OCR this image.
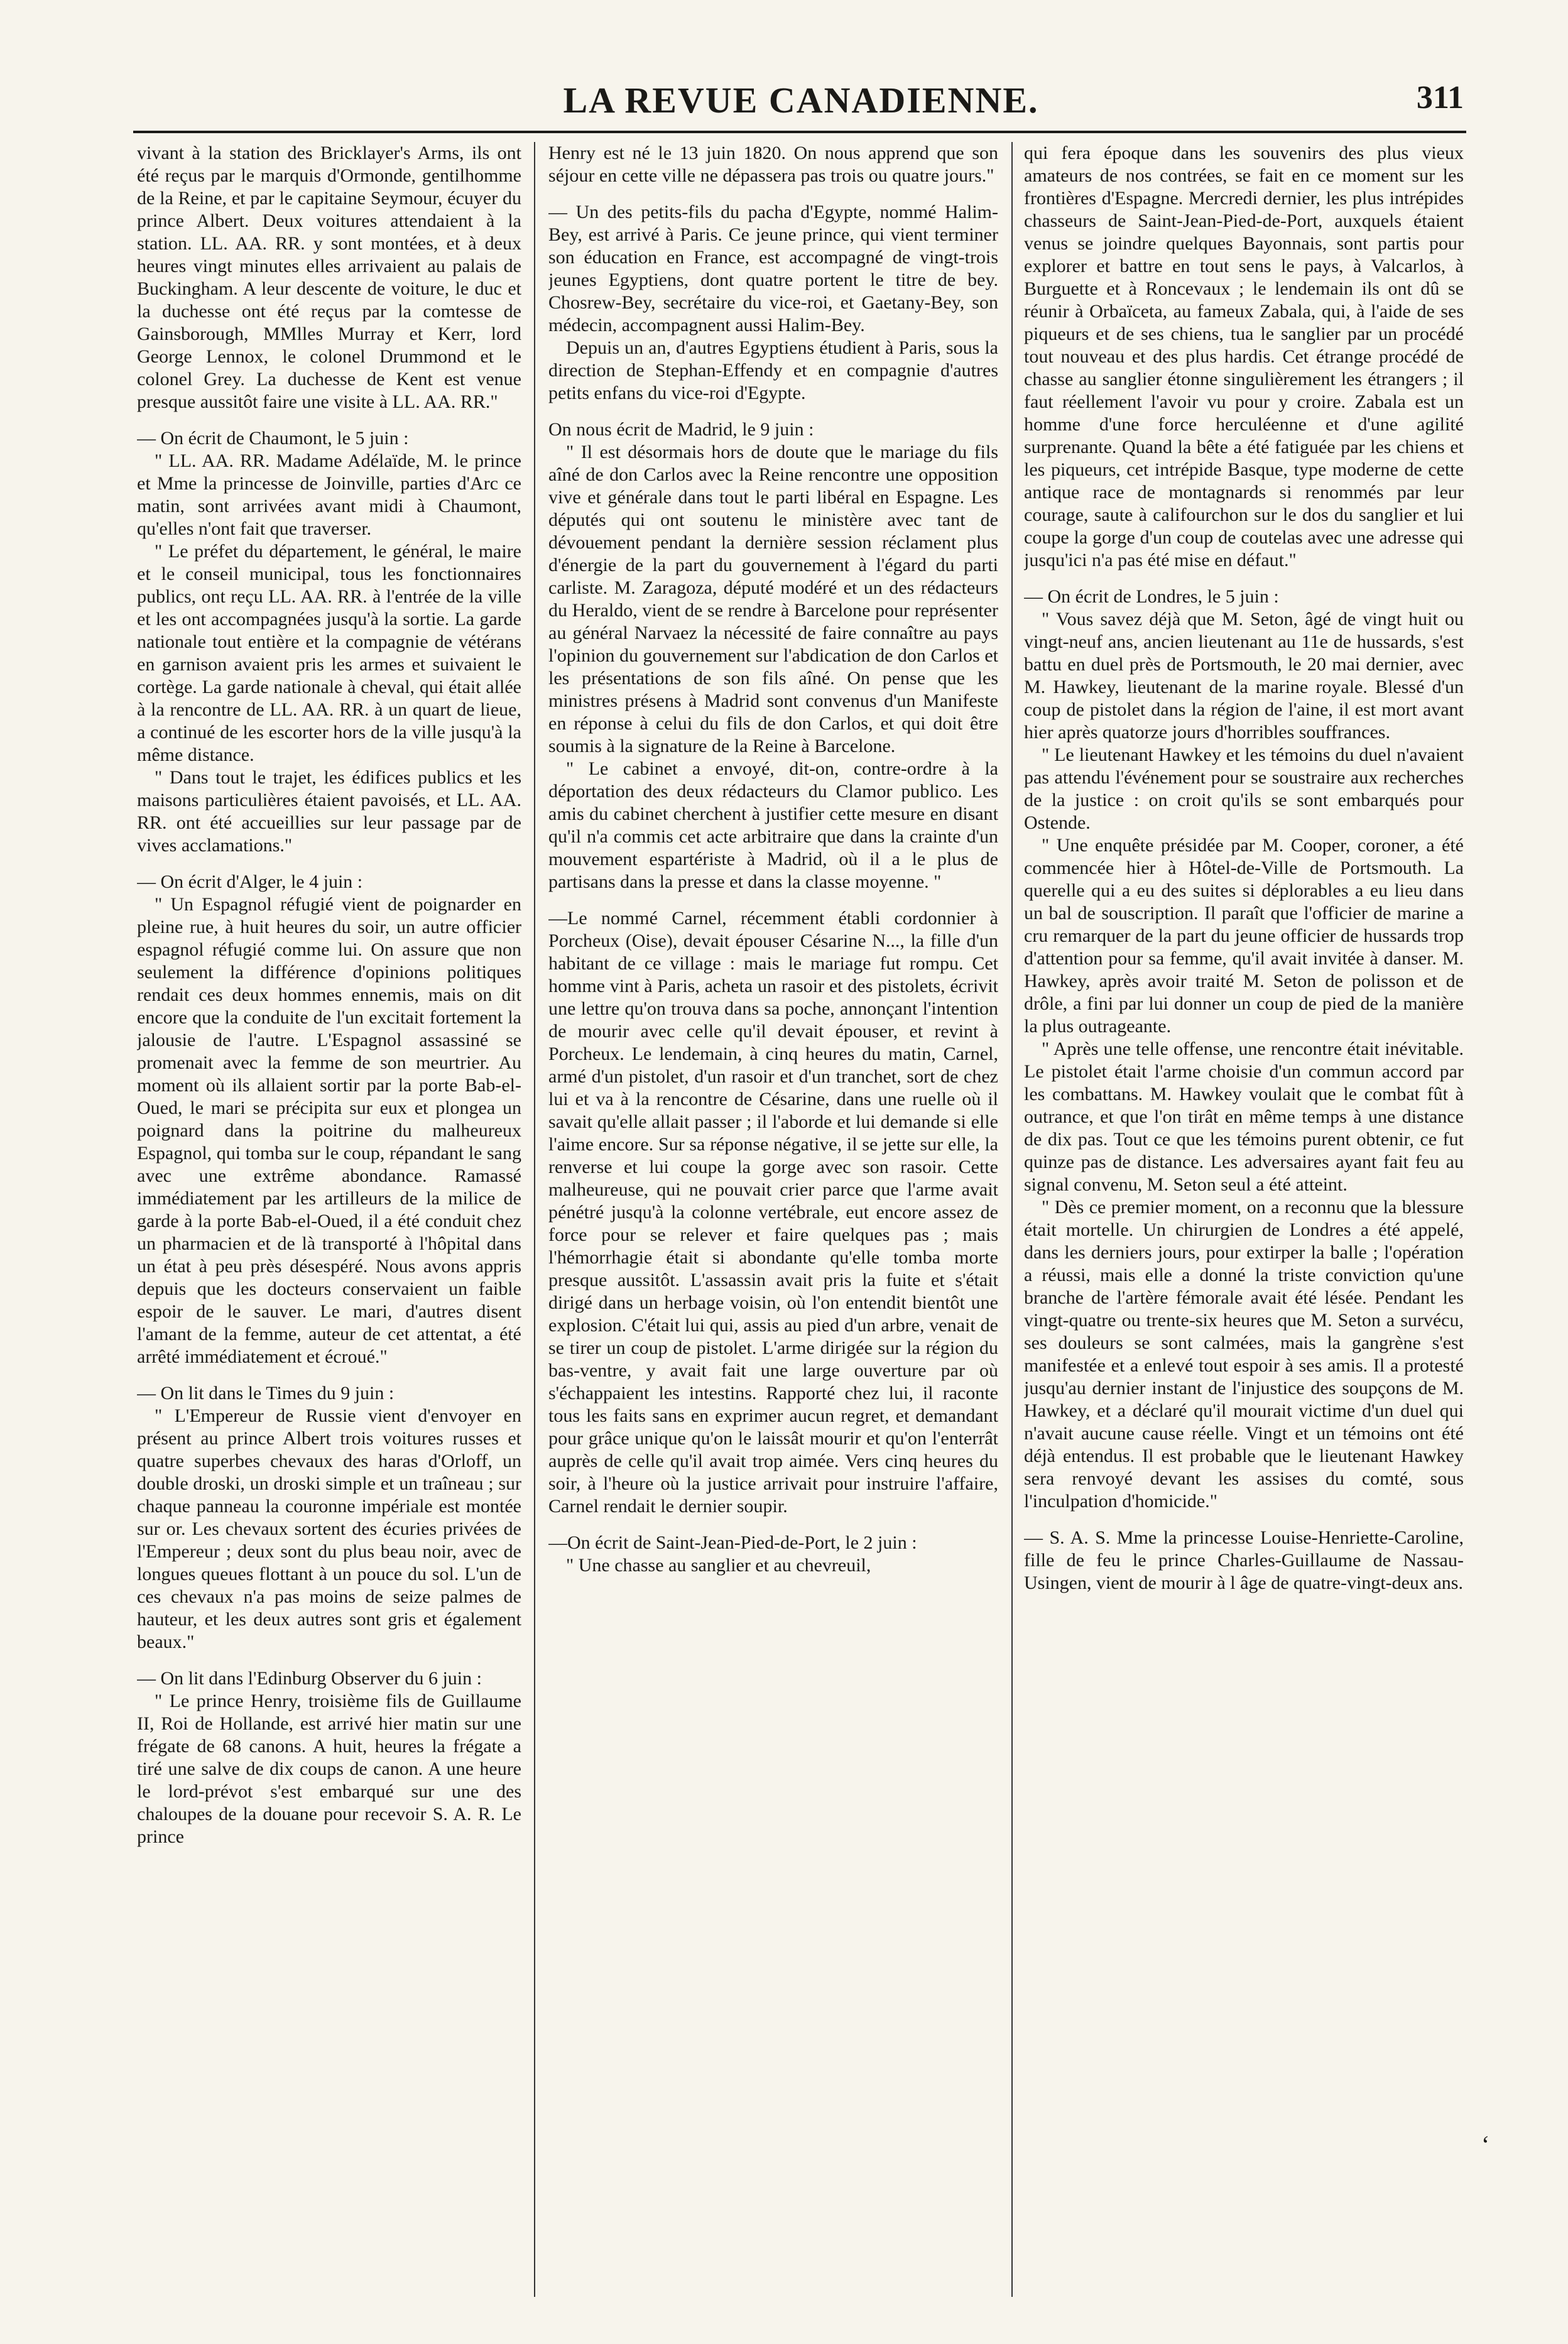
LA REVUE CANADIENNE.	311

vivant à la station des Bricklayer's Arms, ils ont été reçus par le marquis d'Ormonde, gentilhomme de la Reine, et par le capitaine Seymour, écuyer du prince Albert. Deux voitures attendaient à la station. LL. AA. RR. y sont montées, et à deux heures vingt minutes elles arrivaient au palais de Buckingham. A leur descente de voiture, le duc et la duchesse ont été reçus par la comtesse de Gainsborough, MMlles Murray et Kerr, lord George Lennox, le colonel Drummond et le colonel Grey. La duchesse de Kent est venue presque aussitôt faire une visite à LL. AA. RR."

— On écrit de Chaumont, le 5 juin :

" LL. AA. RR. Madame Adélaïde, M. le prince et Mme la princesse de Joinville, parties d'Arc ce matin, sont arrivées avant midi à Chaumont, qu'elles n'ont fait que traverser.

" Le préfet du département, le général, le maire et le conseil municipal, tous les fonctionnaires publics, ont reçu LL. AA. RR. à l'entrée de la ville et les ont accompagnées jusqu'à la sortie. La garde nationale tout entière et la compagnie de vétérans en garnison avaient pris les armes et suivaient le cortège. La garde nationale à cheval, qui était allée à la rencontre de LL. AA. RR. à un quart de lieue, a continué de les escorter hors de la ville jusqu'à la même distance.

" Dans tout le trajet, les édifices publics et les maisons particulières étaient pavoisés, et LL. AA. RR. ont été accueillies sur leur passage par de vives acclamations."

— On écrit d'Alger, le 4 juin :

" Un Espagnol réfugié vient de poignarder en pleine rue, à huit heures du soir, un autre officier espagnol réfugié comme lui. On assure que non seulement la différence d'opinions politiques rendait ces deux hommes ennemis, mais on dit encore que la conduite de l'un excitait fortement la jalousie de l'autre. L'Espagnol assassiné se promenait avec la femme de son meurtrier. Au moment où ils allaient sortir par la porte Bab-el-Oued, le mari se précipita sur eux et plongea un poignard dans la poitrine du malheureux Espagnol, qui tomba sur le coup, répandant le sang avec une extrême abondance. Ramassé immédiatement par les artilleurs de la milice de garde à la porte Bab-el-Oued, il a été conduit chez un pharmacien et de là transporté à l'hôpital dans un état à peu près désespéré. Nous avons appris depuis que les docteurs conservaient un faible espoir de le sauver. Le mari, d'autres disent l'amant de la femme, auteur de cet attentat, a été arrêté immédiatement et écroué."

— On lit dans le Times du 9 juin :

" L'Empereur de Russie vient d'envoyer en présent au prince Albert trois voitures russes et quatre superbes chevaux des haras d'Orloff, un double droski, un droski simple et un traîneau ; sur chaque panneau la couronne impériale est montée sur or. Les chevaux sortent des écuries privées de l'Empereur ; deux sont du plus beau noir, avec de longues queues flottant à un pouce du sol. L'un de ces chevaux n'a pas moins de seize palmes de hauteur, et les deux autres sont gris et également beaux."

— On lit dans l'Edinburg Observer du 6 juin :

" Le prince Henry, troisième fils de Guillaume II, Roi de Hollande, est arrivé hier matin sur une frégate de 68 canons. A huit, heures la frégate a tiré une salve de dix coups de canon. A une heure le lord-prévot s'est embarqué sur une des chaloupes de la douane pour recevoir S. A. R. Le prince

Henry est né le 13 juin 1820. On nous apprend que son séjour en cette ville ne dépassera pas trois ou quatre jours."

— Un des petits-fils du pacha d'Egypte, nommé Halim-Bey, est arrivé à Paris. Ce jeune prince, qui vient terminer son éducation en France, est accompagné de vingt-trois jeunes Egyptiens, dont quatre portent le titre de bey. Chosrew-Bey, secrétaire du vice-roi, et Gaetany-Bey, son médecin, accompagnent aussi Halim-Bey.

Depuis un an, d'autres Egyptiens étudient à Paris, sous la direction de Stephan-Effendy et en compagnie d'autres petits enfans du vice-roi d'Egypte.

On nous écrit de Madrid, le 9 juin :

" Il est désormais hors de doute que le mariage du fils aîné de don Carlos avec la Reine rencontre une opposition vive et générale dans tout le parti libéral en Espagne. Les députés qui ont soutenu le ministère avec tant de dévouement pendant la dernière session réclament plus d'énergie de la part du gouvernement à l'égard du parti carliste. M. Zaragoza, député modéré et un des rédacteurs du Heraldo, vient de se rendre à Barcelone pour représenter au général Narvaez la nécessité de faire connaître au pays l'opinion du gouvernement sur l'abdication de don Carlos et les présentations de son fils aîné. On pense que les ministres présens à Madrid sont convenus d'un Manifeste en réponse à celui du fils de don Carlos, et qui doit être soumis à la signature de la Reine à Barcelone.

" Le cabinet a envoyé, dit-on, contre-ordre à la déportation des deux rédacteurs du Clamor publico. Les amis du cabinet cherchent à justifier cette mesure en disant qu'il n'a commis cet acte arbitraire que dans la crainte d'un mouvement espartériste à Madrid, où il a le plus de partisans dans la presse et dans la classe moyenne. "

—Le nommé Carnel, récemment établi cordonnier à Porcheux (Oise), devait épouser Césarine N..., la fille d'un habitant de ce village : mais le mariage fut rompu. Cet homme vint à Paris, acheta un rasoir et des pistolets, écrivit une lettre qu'on trouva dans sa poche, annonçant l'intention de mourir avec celle qu'il devait épouser, et revint à Porcheux. Le lendemain, à cinq heures du matin, Carnel, armé d'un pistolet, d'un rasoir et d'un tranchet, sort de chez lui et va à la rencontre de Césarine, dans une ruelle où il savait qu'elle allait passer ; il l'aborde et lui demande si elle l'aime encore. Sur sa réponse négative, il se jette sur elle, la renverse et lui coupe la gorge avec son rasoir. Cette malheureuse, qui ne pouvait crier parce que l'arme avait pénétré jusqu'à la colonne vertébrale, eut encore assez de force pour se relever et faire quelques pas ; mais l'hémorrhagie était si abondante qu'elle tomba morte presque aussitôt. L'assassin avait pris la fuite et s'était dirigé dans un herbage voisin, où l'on entendit bientôt une explosion. C'était lui qui, assis au pied d'un arbre, venait de se tirer un coup de pistolet. L'arme dirigée sur la région du bas-ventre, y avait fait une large ouverture par où s'échappaient les intestins. Rapporté chez lui, il raconte tous les faits sans en exprimer aucun regret, et demandant pour grâce unique qu'on le laissât mourir et qu'on l'enterrât auprès de celle qu'il avait trop aimée. Vers cinq heures du soir, à l'heure où la justice arrivait pour instruire l'affaire, Carnel rendait le dernier soupir.

—On écrit de Saint-Jean-Pied-de-Port, le 2 juin :

" Une chasse au sanglier et au chevreuil,

qui fera époque dans les souvenirs des plus vieux amateurs de nos contrées, se fait en ce moment sur les frontières d'Espagne. Mercredi dernier, les plus intrépides chasseurs de Saint-Jean-Pied-de-Port, auxquels étaient venus se joindre quelques Bayonnais, sont partis pour explorer et battre en tout sens le pays, à Valcarlos, à Burguette et à Roncevaux ; le lendemain ils ont dû se réunir à Orbaïceta, au fameux Zabala, qui, à l'aide de ses piqueurs et de ses chiens, tua le sanglier par un procédé tout nouveau et des plus hardis. Cet étrange procédé de chasse au sanglier étonne singulièrement les étrangers ; il faut réellement l'avoir vu pour y croire. Zabala est un homme d'une force herculéenne et d'une agilité surprenante. Quand la bête a été fatiguée par les chiens et les piqueurs, cet intrépide Basque, type moderne de cette antique race de montagnards si renommés par leur courage, saute à califourchon sur le dos du sanglier et lui coupe la gorge d'un coup de coutelas avec une adresse qui jusqu'ici n'a pas été mise en défaut."

— On écrit de Londres, le 5 juin :

" Vous savez déjà que M. Seton, âgé de vingt huit ou vingt-neuf ans, ancien lieutenant au 11e de hussards, s'est battu en duel près de Portsmouth, le 20 mai dernier, avec M. Hawkey, lieutenant de la marine royale. Blessé d'un coup de pistolet dans la région de l'aine, il est mort avant hier après quatorze jours d'horribles souffrances.

" Le lieutenant Hawkey et les témoins du duel n'avaient pas attendu l'événement pour se soustraire aux recherches de la justice : on croit qu'ils se sont embarqués pour Ostende.

" Une enquête présidée par M. Cooper, coroner, a été commencée hier à Hôtel-de-Ville de Portsmouth. La querelle qui a eu des suites si déplorables a eu lieu dans un bal de souscription. Il paraît que l'officier de marine a cru remarquer de la part du jeune officier de hussards trop d'attention pour sa femme, qu'il avait invitée à danser. M. Hawkey, après avoir traité M. Seton de polisson et de drôle, a fini par lui donner un coup de pied de la manière la plus outrageante.

" Après une telle offense, une rencontre était inévitable. Le pistolet était l'arme choisie d'un commun accord par les combattans. M. Hawkey voulait que le combat fût à outrance, et que l'on tirât en même temps à une distance de dix pas. Tout ce que les témoins purent obtenir, ce fut quinze pas de distance. Les adversaires ayant fait feu au signal convenu, M. Seton seul a été atteint.

" Dès ce premier moment, on a reconnu que la blessure était mortelle. Un chirurgien de Londres a été appelé, dans les derniers jours, pour extirper la balle ; l'opération a réussi, mais elle a donné la triste conviction qu'une branche de l'artère fémorale avait été lésée. Pendant les vingt-quatre ou trente-six heures que M. Seton a survécu, ses douleurs se sont calmées, mais la gangrène s'est manifestée et a enlevé tout espoir à ses amis. Il a protesté jusqu'au dernier instant de l'injustice des soupçons de M. Hawkey, et a déclaré qu'il mourait victime d'un duel qui n'avait aucune cause réelle. Vingt et un témoins ont été déjà entendus. Il est probable que le lieutenant Hawkey sera renvoyé devant les assises du comté, sous l'inculpation d'homicide."

— S. A. S. Mme la princesse Louise-Henriette-Caroline, fille de feu le prince Charles-Guillaume de Nassau-Usingen, vient de mourir à l âge de quatre-vingt-deux ans.

ʻ
